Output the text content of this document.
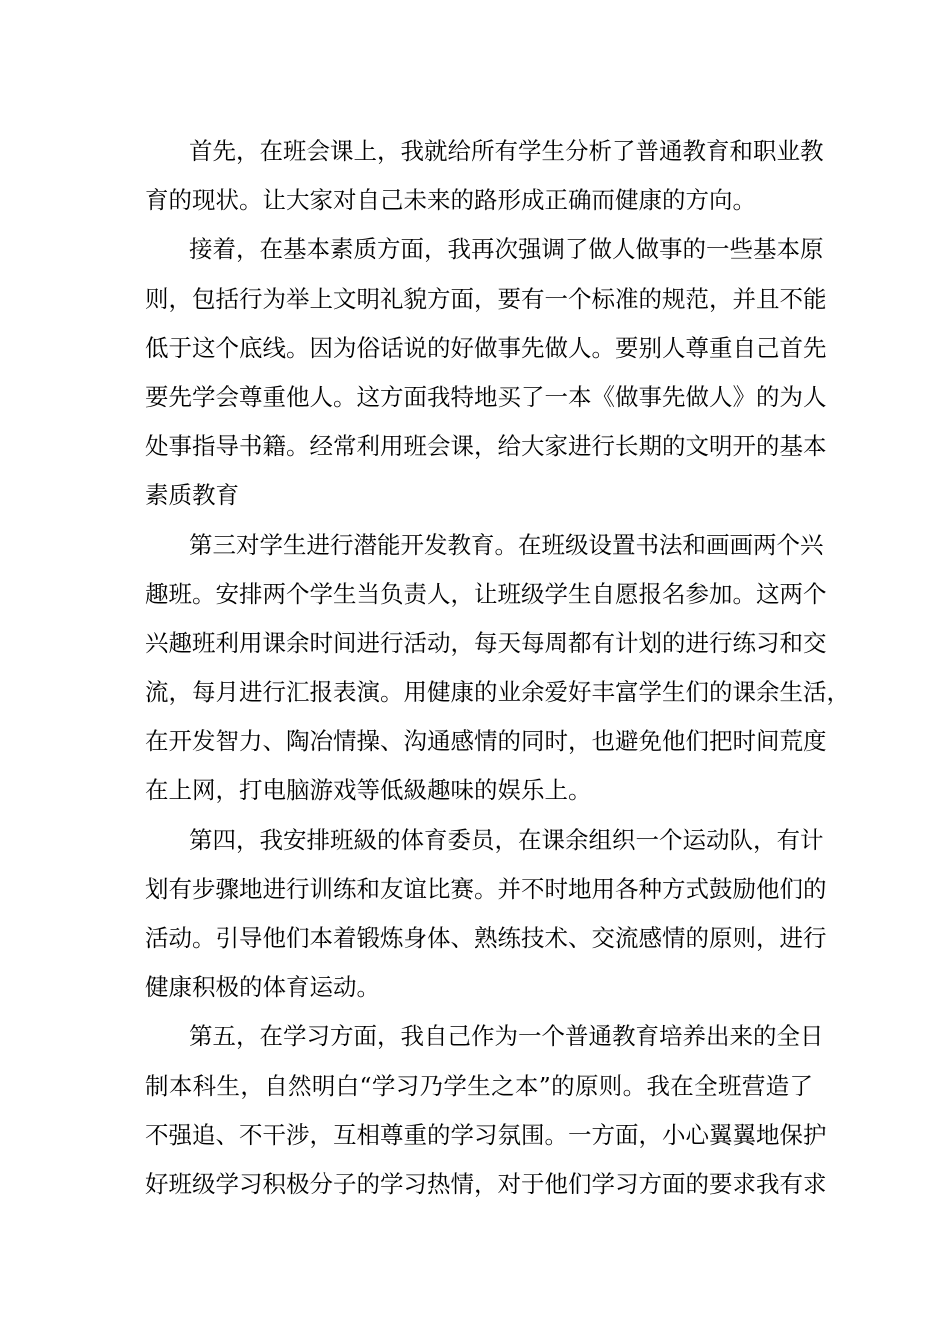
首先，在班会课上，我就给所有学生分析了普通教育和职业教
育的现状。让大家对自己未来的路形成正确而健康的方向。
接着，在基本素质方面，我再次强调了做人做事的一些基本原
则，包括行为举上文明礼貌方面，要有一个标准的规范，并且不能
低于这个底线。因为俗话说的好做事先做人。要别人尊重自己首先
要先学会尊重他人。这方面我特地买了一本《做事先做人》的为人
处事指导书籍。经常利用班会课，给大家进行长期的文明开的基本
素质教育
第三对学生进行潜能开发教育。在班级设置书法和画画两个兴
趣班。安排两个学生当负责人，让班级学生自愿报名参加。这两个
兴趣班利用课余时间进行活动，每天每周都有计划的进行练习和交
流，每月进行汇报表演。用健康的业余爱好丰富学生们的课余生活，
在开发智力、陶冶情操、沟通感情的同时，也避免他们把时间荒度
在上网，打电脑游戏等低級趣味的娱乐上。
第四，我安排班級的体育委员，在课余组织一个运动队，有计
划有步骤地进行训练和友谊比赛。并不时地用各种方式鼓励他们的
活动。引导他们本着锻炼身体、熟练技术、交流感情的原则，进行
健康积极的体育运动。
第五，在学习方面，我自己作为一个普通教育培养出来的全日
制本科生，自然明白“学习乃学生之本”的原则。我在全班营造了
不强追、不干涉，互相尊重的学习氛围。一方面，小心翼翼地保护
好班级学习积极分子的学习热情，对于他们学习方面的要求我有求
